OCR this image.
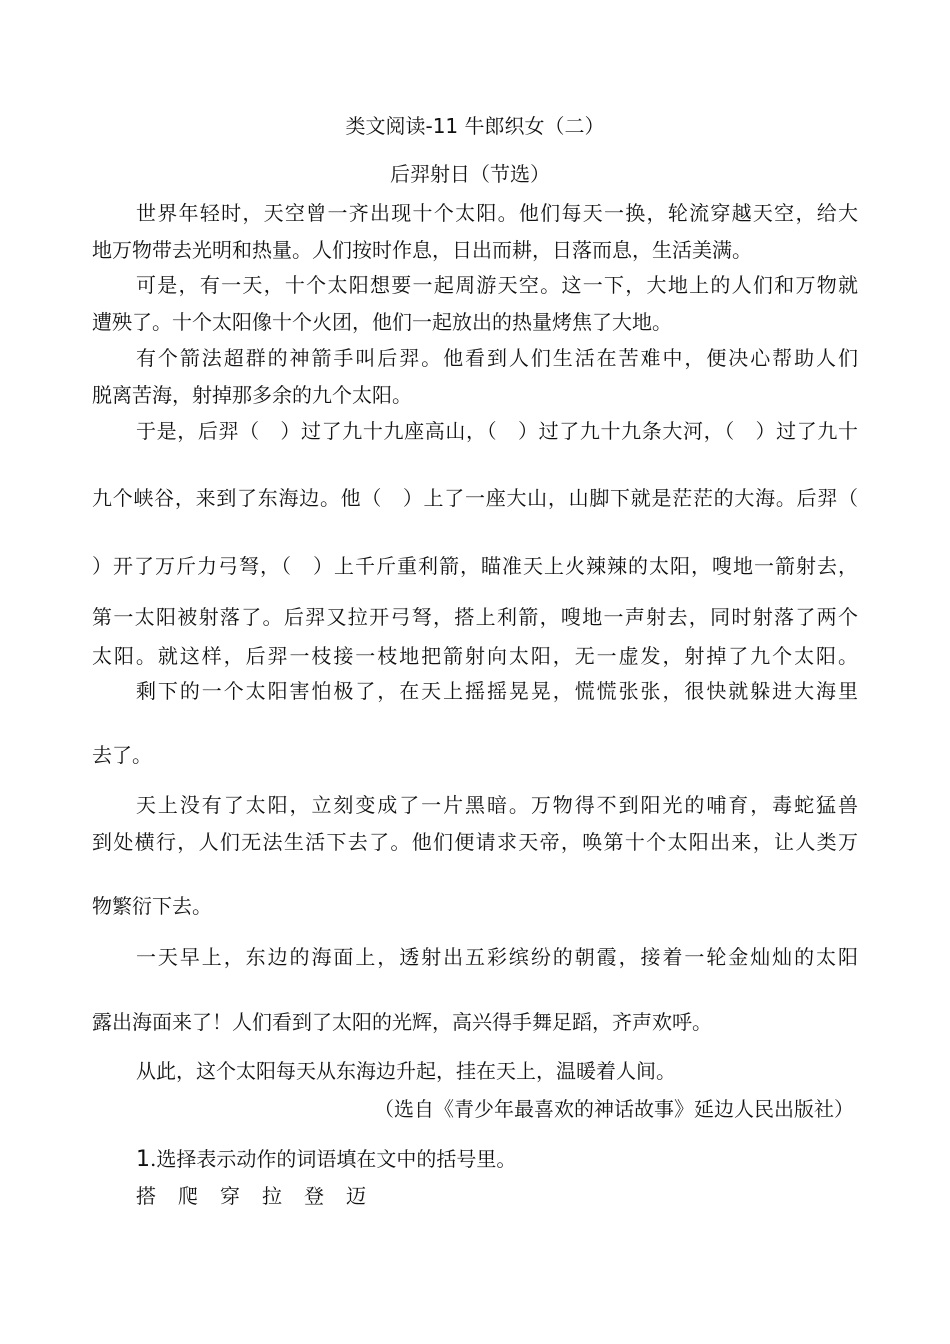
类文阅读-11 牛郎织女（二）
后羿射日（节选）
世界年轻时，天空曾一齐出现十个太阳。他们每天一换，轮流穿越天空，给大
地万物带去光明和热量。人们按时作息，日出而耕，日落而息，生活美满。
可是，有一天，十个太阳想要一起周游天空。这一下，大地上的人们和万物就
遭殃了。十个太阳像十个火团，他们一起放出的热量烤焦了大地。
有个箭法超群的神箭手叫后羿。他看到人们生活在苦难中，便决心帮助人们
脱离苦海，射掉那多余的九个太阳。
于是，后羿（　）过了九十九座高山，（　）过了九十九条大河，（　）过了九十
九个峡谷，来到了东海边。他（　）上了一座大山，山脚下就是茫茫的大海。后羿（
）开了万斤力弓弩，（　）上千斤重利箭，瞄准天上火辣辣的太阳，嗖地一箭射去，
第一太阳被射落了。后羿又拉开弓弩，搭上利箭，嗖地一声射去，同时射落了两个
太阳。就这样，后羿一枝接一枝地把箭射向太阳，无一虚发，射掉了九个太阳。
剩下的一个太阳害怕极了，在天上摇摇晃晃，慌慌张张，很快就躲进大海里
去了。
天上没有了太阳，立刻变成了一片黑暗。万物得不到阳光的哺育，毒蛇猛兽
到处横行，人们无法生活下去了。他们便请求天帝，唤第十个太阳出来，让人类万
物繁衍下去。
一天早上，东边的海面上，透射出五彩缤纷的朝霞，接着一轮金灿灿的太阳
露出海面来了！人们看到了太阳的光辉，高兴得手舞足蹈，齐声欢呼。
从此，这个太阳每天从东海边升起，挂在天上，温暖着人间。
（选自《青少年最喜欢的神话故事》延边人民出版社）
1.选择表示动作的词语填在文中的括号里。
搭 爬 穿 拉 登 迈
